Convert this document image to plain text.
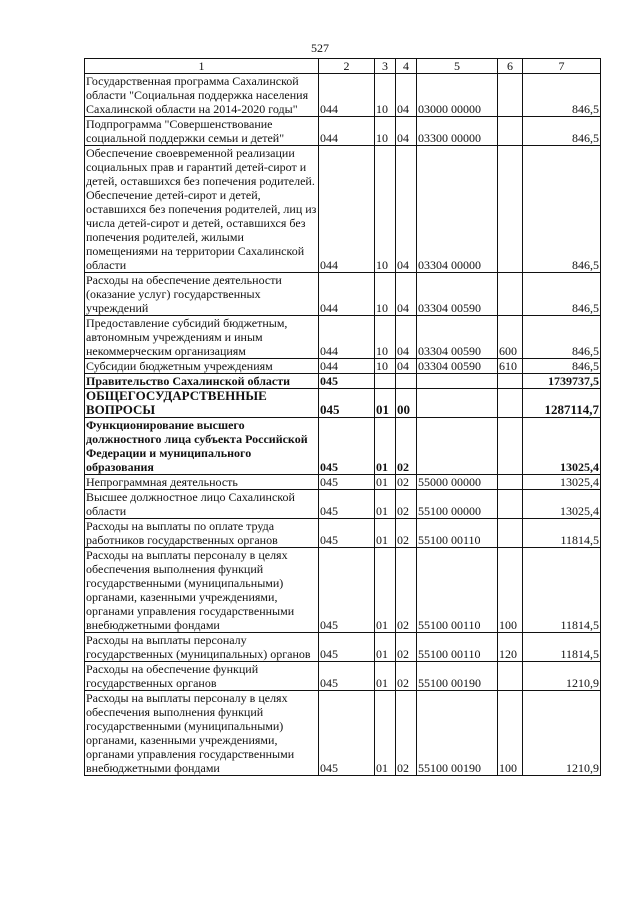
527
1	2	3	4	5	6	7
Государственная программа Сахалинской области "Социальная поддержка населения Сахалинской области на 2014-2020 годы"	044	10	04	03000 00000		846,5
Подпрограмма "Совершенствование социальной поддержки семьи и детей"	044	10	04	03300 00000		846,5
Обеспечение своевременной реализации социальных прав и гарантий детей-сирот и детей, оставшихся без попечения родителей. Обеспечение детей-сирот и детей, оставшихся без попечения родителей, лиц из числа детей-сирот и детей, оставшихся без попечения родителей, жилыми помещениями на территории Сахалинской области	044	10	04	03304 00000		846,5
Расходы на обеспечение деятельности (оказание услуг) государственных учреждений	044	10	04	03304 00590		846,5
Предоставление субсидий бюджетным, автономным учреждениям и иным некоммерческим организациям	044	10	04	03304 00590	600	846,5
Субсидии бюджетным учреждениям	044	10	04	03304 00590	610	846,5
Правительство Сахалинской области	045					1739737,5
ОБЩЕГОСУДАРСТВЕННЫЕ ВОПРОСЫ	045	01	00			1287114,7
Функционирование высшего должностного лица субъекта Российской Федерации и муниципального образования	045	01	02			13025,4
Непрограммная деятельность	045	01	02	55000 00000		13025,4
Высшее должностное лицо Сахалинской области	045	01	02	55100 00000		13025,4
Расходы на выплаты по оплате труда работников государственных органов	045	01	02	55100 00110		11814,5
Расходы на выплаты персоналу в целях обеспечения выполнения функций государственными (муниципальными) органами, казенными учреждениями, органами управления государственными внебюджетными фондами	045	01	02	55100 00110	100	11814,5
Расходы на выплаты персоналу государственных (муниципальных) органов	045	01	02	55100 00110	120	11814,5
Расходы на обеспечение функций государственных органов	045	01	02	55100 00190		1210,9
Расходы на выплаты персоналу в целях обеспечения выполнения функций государственными (муниципальными) органами, казенными учреждениями, органами управления государственными внебюджетными фондами	045	01	02	55100 00190	100	1210,9
